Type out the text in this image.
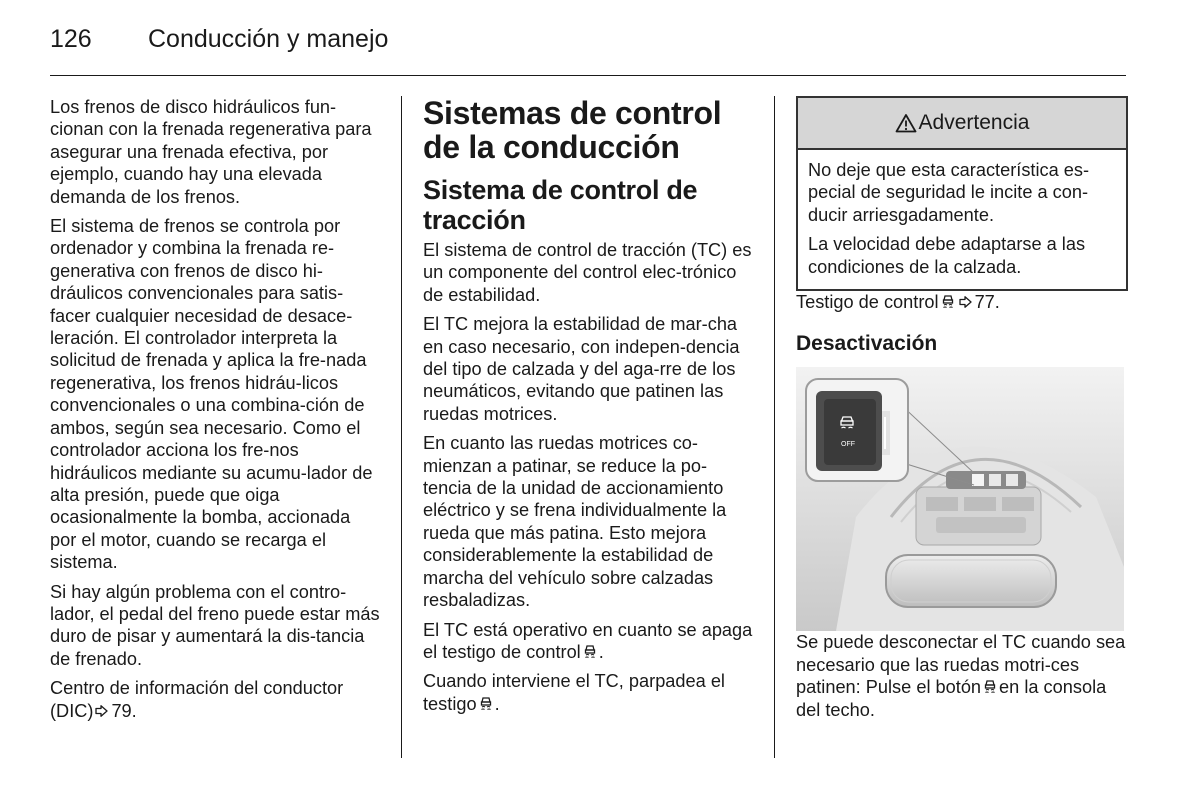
126 Conducción y manejo

Los frenos de disco hidráulicos fun-cionan con la frenada regenerativa para asegurar una frenada efectiva, por ejemplo, cuando hay una elevada demanda de los frenos.

El sistema de frenos se controla por ordenador y combina la frenada re-generativa con frenos de disco hi-dráulicos convencionales para satis-facer cualquier necesidad de desace-leración. El controlador interpreta la solicitud de frenada y aplica la fre-nada regenerativa, los frenos hidráu-licos convencionales o una combina-ción de ambos, según sea necesario. Como el controlador acciona los fre-nos hidráulicos mediante su acumu-lador de alta presión, puede que oiga ocasionalmente la bomba, accionada por el motor, cuando se recarga el sistema.

Si hay algún problema con el contro-lador, el pedal del freno puede estar más duro de pisar y aumentará la dis-tancia de frenado.

Centro de información del conductor (DIC) 79.

Sistemas de control de la conducción
Sistema de control de tracción

El sistema de control de tracción (TC) es un componente del control elec-trónico de estabilidad.

El TC mejora la estabilidad de mar-cha en caso necesario, con indepen-dencia del tipo de calzada y del aga-rre de los neumáticos, evitando que patinen las ruedas motrices.

En cuanto las ruedas motrices co-mienzan a patinar, se reduce la po-tencia de la unidad de accionamiento eléctrico y se frena individualmente la rueda que más patina. Esto mejora considerablemente la estabilidad de marcha del vehículo sobre calzadas resbaladizas.

El TC está operativo en cuanto se apaga el testigo de control .

Cuando interviene el TC, parpadea el testigo .

Advertencia

No deje que esta característica es-pecial de seguridad le incite a con-ducir arriesgadamente.

La velocidad debe adaptarse a las condiciones de la calzada.

Testigo de control 77.

Desactivación
OFF

Se puede desconectar el TC cuando sea necesario que las ruedas motri-ces patinen: Pulse el botón en la consola del techo.
